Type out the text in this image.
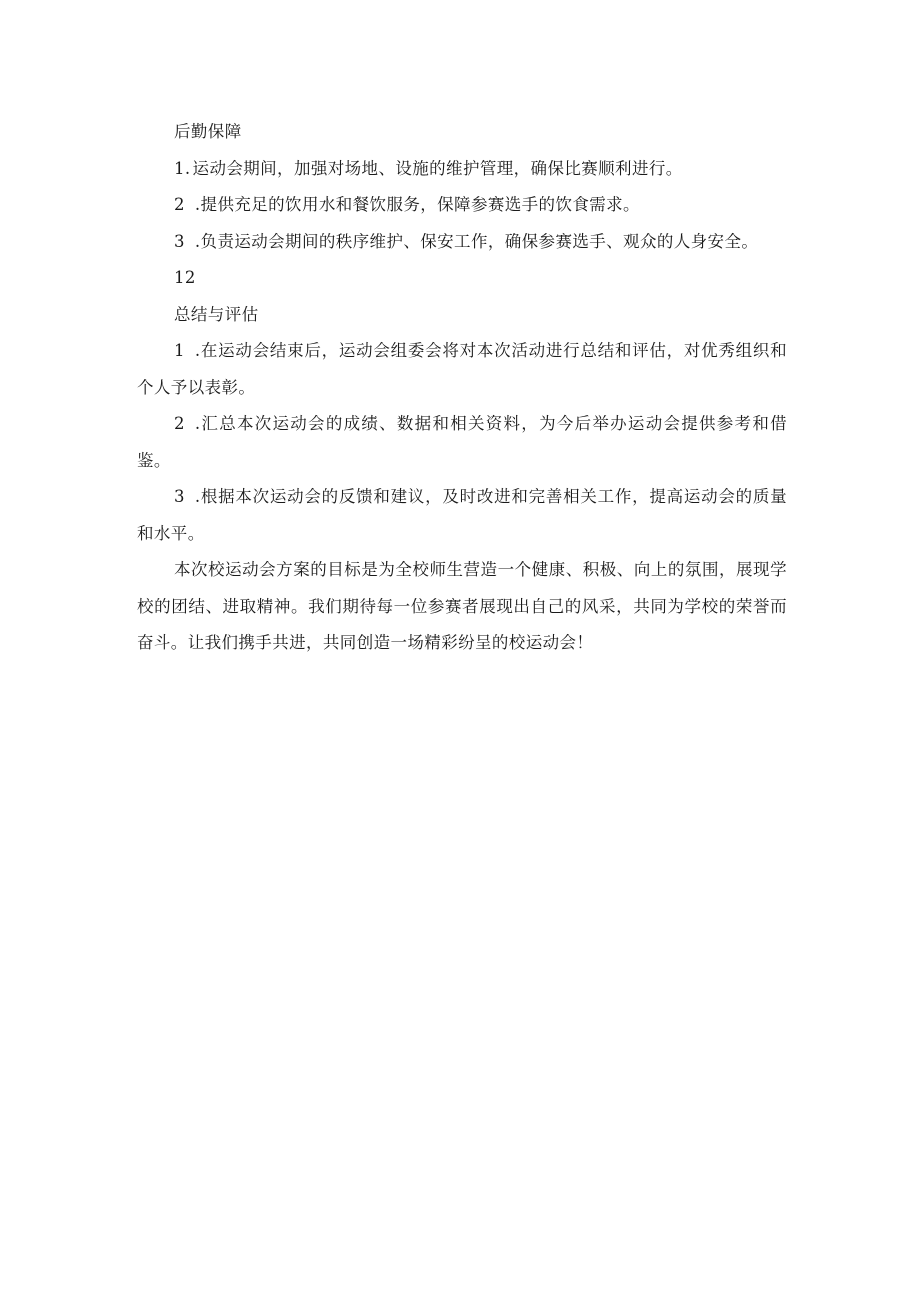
后勤保障

1. 运动会期间，加强对场地、设施的维护管理，确保比赛顺利进行。

2 .提供充足的饮用水和餐饮服务，保障参赛选手的饮食需求。

3 .负责运动会期间的秩序维护、保安工作，确保参赛选手、观众的人身安全。

12

总结与评估

1 .在运动会结束后，运动会组委会将对本次活动进行总结和评估，对优秀组织和个人予以表彰。

2 .汇总本次运动会的成绩、数据和相关资料，为今后举办运动会提供参考和借鉴。

3 .根据本次运动会的反馈和建议，及时改进和完善相关工作，提高运动会的质量和水平。

本次校运动会方案的目标是为全校师生营造一个健康、积极、向上的氛围，展现学校的团结、进取精神。我们期待每一位参赛者展现出自己的风采，共同为学校的荣誉而奋斗。让我们携手共进，共同创造一场精彩纷呈的校运动会！
